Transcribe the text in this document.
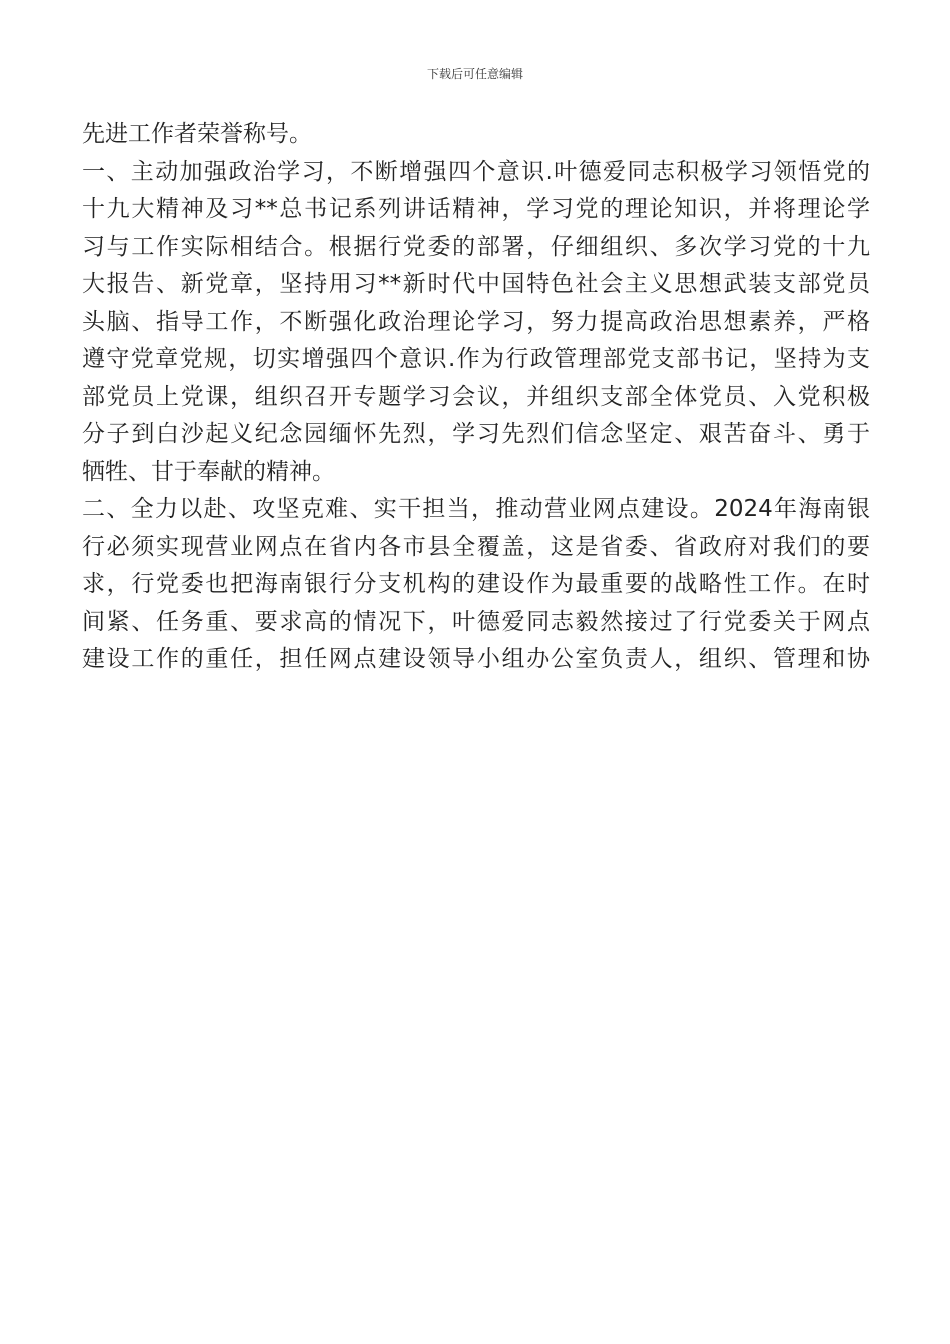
下载后可任意编辑
先进工作者荣誉称号。
一、主动加强政治学习，不断增强四个意识.叶德爱同志积极学习领悟党的
十九大精神及习**总书记系列讲话精神，学习党的理论知识，并将理论学
习与工作实际相结合。根据行党委的部署，仔细组织、多次学习党的十九
大报告、新党章，坚持用习**新时代中国特色社会主义思想武装支部党员
头脑、指导工作，不断强化政治理论学习，努力提高政治思想素养，严格
遵守党章党规，切实增强四个意识.作为行政管理部党支部书记，坚持为支
部党员上党课，组织召开专题学习会议，并组织支部全体党员、入党积极
分子到白沙起义纪念园缅怀先烈，学习先烈们信念坚定、艰苦奋斗、勇于
牺牲、甘于奉献的精神。
二、全力以赴、攻坚克难、实干担当，推动营业网点建设。2024年海南银
行必须实现营业网点在省内各市县全覆盖，这是省委、省政府对我们的要
求，行党委也把海南银行分支机构的建设作为最重要的战略性工作。在时
间紧、任务重、要求高的情况下，叶德爱同志毅然接过了行党委关于网点
建设工作的重任，担任网点建设领导小组办公室负责人，组织、管理和协
